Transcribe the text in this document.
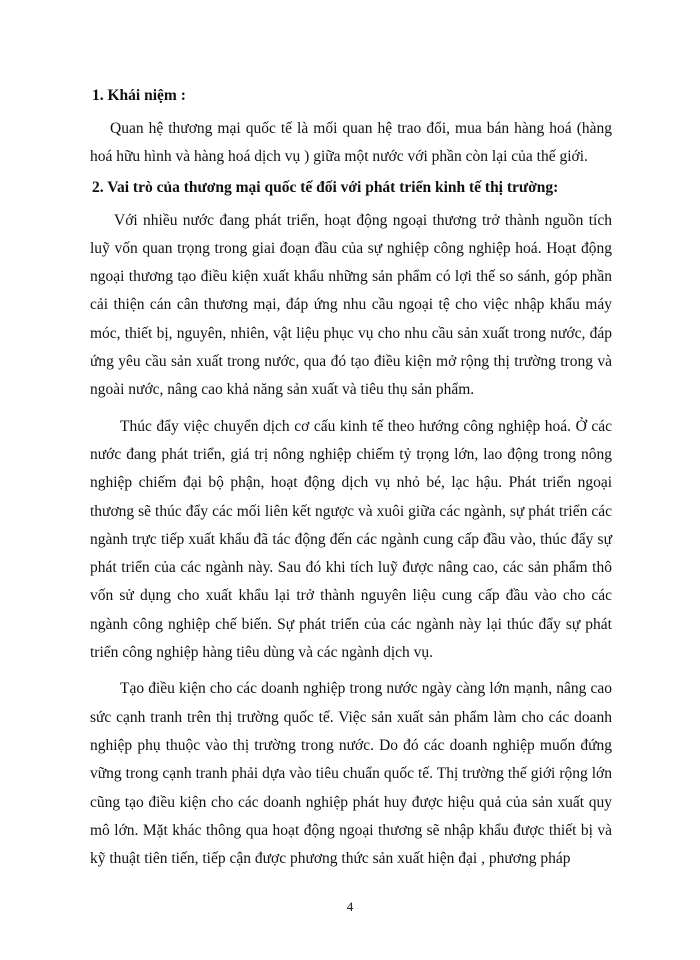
1. Khái niệm :

Quan hệ thương mại quốc tế là mối quan hệ trao đổi, mua bán hàng hoá (hàng hoá hữu hình và hàng hoá dịch vụ ) giữa một nước với phần còn lại của thế giới.

2. Vai trò của thương mại quốc tế đối với phát triển kinh tế thị trường:

Với nhiều nước đang phát triển, hoạt động ngoại thương trở thành nguồn tích luỹ vốn quan trọng trong giai đoạn đầu của sự nghiệp công nghiệp hoá. Hoạt động ngoại thương tạo điều kiện xuất khẩu những sản phẩm có lợi thế so sánh, góp phần cải thiện cán cân thương mại, đáp ứng nhu cầu ngoại tệ cho việc nhập khẩu máy móc, thiết bị, nguyên, nhiên, vật liệu phục vụ cho nhu cầu sản xuất trong nước, đáp ứng yêu cầu sản xuất trong nước, qua đó tạo điều kiện mở rộng thị trường trong và ngoài nước, nâng cao khả năng sản xuất và tiêu thụ sản phẩm.

Thúc đẩy việc chuyển dịch cơ cấu kinh tế theo hướng công nghiệp hoá. Ở các nước đang phát triển, giá trị nông nghiệp chiếm tỷ trọng lớn, lao động trong nông nghiệp chiếm đại bộ phận, hoạt động dịch vụ nhỏ bé, lạc hậu. Phát triển ngoại thương sẽ thúc đẩy các mối liên kết ngược và xuôi giữa các ngành, sự phát triển các ngành trực tiếp xuất khẩu đã tác động đến các ngành cung cấp đầu vào, thúc đẩy sự phát triển của các ngành này. Sau đó khi tích luỹ được nâng cao, các sản phẩm thô vốn sử dụng cho xuất khẩu lại trở thành nguyên liệu cung cấp đầu vào cho các ngành công nghiệp chế biến. Sự phát triển của các ngành này lại thúc đẩy sự phát triển công nghiệp hàng tiêu dùng và các ngành dịch vụ.

Tạo điều kiện cho các doanh nghiệp trong nước ngày càng lớn mạnh, nâng cao sức cạnh tranh trên thị trường quốc tế. Việc sản xuất sản phẩm làm cho các doanh nghiệp phụ thuộc vào thị trường trong nước. Do đó các doanh nghiệp muốn đứng vững trong cạnh tranh phải dựa vào tiêu chuẩn quốc tế. Thị trường thế giới rộng lớn cũng tạo điều kiện cho các doanh nghiệp phát huy được hiệu quả của sản xuất quy mô lớn. Mặt khác thông qua hoạt động ngoại thương sẽ nhập khẩu được thiết bị và kỹ thuật tiên tiến, tiếp cận được phương thức sản xuất hiện đại , phương pháp

4
